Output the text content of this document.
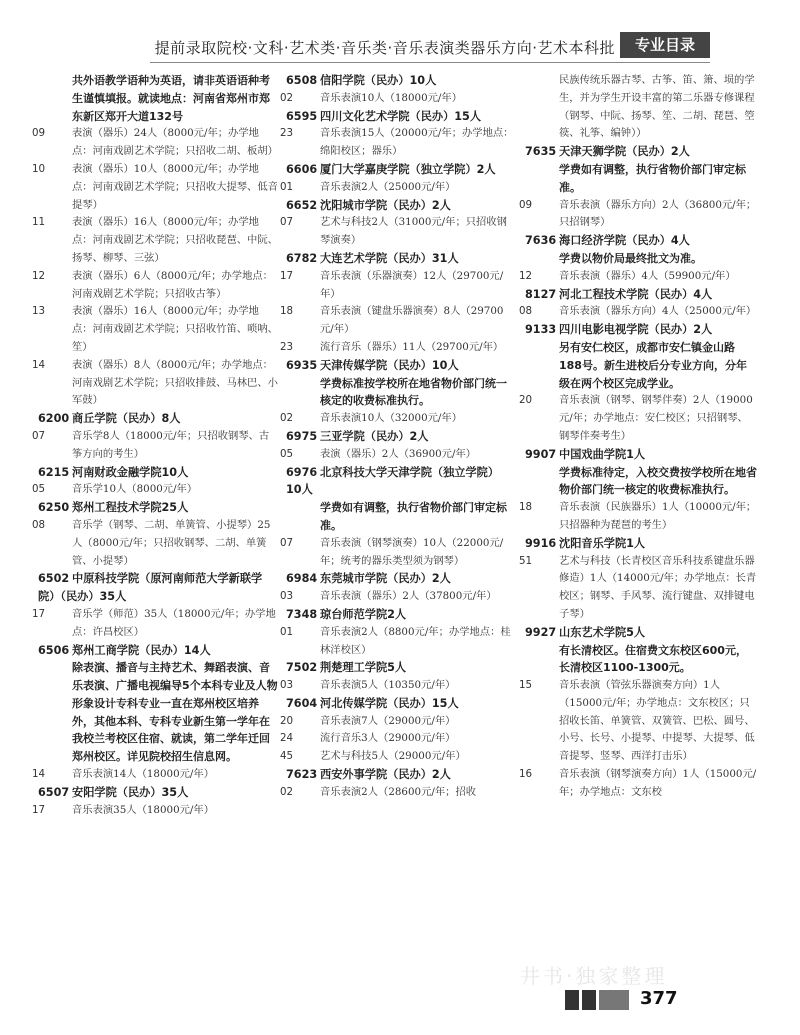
提前录取院校·文科·艺术类·音乐类·音乐表演类器乐方向·艺术本科批	专业目录
共外语教学语种为英语，请非英语语种考生谨慎填报。就读地点：河南省郑州市郑东新区郑开大道132号
09	表演（器乐）24人（8000元/年；办学地点：河南戏剧艺术学院；只招收二胡、板胡）
10	表演（器乐）10人（8000元/年；办学地点：河南戏剧艺术学院；只招收大提琴、低音提琴）
11	表演（器乐）16人（8000元/年；办学地点：河南戏剧艺术学院；只招收琵琶、中阮、扬琴、柳琴、三弦）
12	表演（器乐）6人（8000元/年；办学地点：河南戏剧艺术学院；只招收古筝）
13	表演（器乐）16人（8000元/年；办学地点：河南戏剧艺术学院；只招收竹笛、唢呐、笙）
14	表演（器乐）8人（8000元/年；办学地点：河南戏剧艺术学院；只招收排鼓、马林巴、小军鼓）
6200 商丘学院（民办）8人
07	音乐学8人（18000元/年；只招收钢琴、古筝方向的考生）
6215 河南财政金融学院10人
05	音乐学10人（8000元/年）
6250 郑州工程技术学院25人
08	音乐学（钢琴、二胡、单簧管、小提琴）25人（8000元/年；只招收钢琴、二胡、单簧管、小提琴）
6502 中原科技学院（原河南师范大学新联学院）（民办）35人
17	音乐学（师范）35人（18000元/年；办学地点：许昌校区）
6506 郑州工商学院（民办）14人
除表演、播音与主持艺术、舞蹈表演、音乐表演、广播电视编导5个本科专业及人物形象设计专科专业一直在郑州校区培养外，其他本科、专科专业新生第一学年在我校兰考校区住宿、就读，第二学年迁回郑州校区。详见院校招生信息网。
14	音乐表演14人（18000元/年）
6507 安阳学院（民办）35人
17	音乐表演35人（18000元/年）
6508 信阳学院（民办）10人
02	音乐表演10人（18000元/年）
6595 四川文化艺术学院（民办）15人
23	音乐表演15人（20000元/年；办学地点：绵阳校区；器乐）
6606 厦门大学嘉庚学院（独立学院）2人
01	音乐表演2人（25000元/年）
6652 沈阳城市学院（民办）2人
07	艺术与科技2人（31000元/年；只招收钢琴演奏）
6782 大连艺术学院（民办）31人
17	音乐表演（乐器演奏）12人（29700元/年）
18	音乐表演（键盘乐器演奏）8人（29700元/年）
23	流行音乐（器乐）11人（29700元/年）
6935 天津传媒学院（民办）10人
学费标准按学校所在地省物价部门统一核定的收费标准执行。
02	音乐表演10人（32000元/年）
6975 三亚学院（民办）2人
05	表演（器乐）2人（36900元/年）
6976 北京科技大学天津学院（独立学院）10人
学费如有调整，执行省物价部门审定标准。
07	音乐表演（钢琴演奏）10人（22000元/年；统考的器乐类型须为钢琴）
6984 东莞城市学院（民办）2人
03	音乐表演（器乐）2人（37800元/年）
7348 琼台师范学院2人
01	音乐表演2人（8800元/年；办学地点：桂林洋校区）
7502 荆楚理工学院5人
03	音乐表演5人（10350元/年）
7604 河北传媒学院（民办）15人
20	音乐表演7人（29000元/年）
24	流行音乐3人（29000元/年）
45	艺术与科技5人（29000元/年）
7623 西安外事学院（民办）2人
02	音乐表演2人（28600元/年；招收
民族传统乐器古琴、古筝、笛、箫、埙的学生，并为学生开设丰富的第二乐器专修课程（钢琴、中阮、扬琴、笙、二胡、琵琶、箜篌、礼筝、编钟））
7635 天津天狮学院（民办）2人
学费如有调整，执行省物价部门审定标准。
09	音乐表演（器乐方向）2人（36800元/年；只招钢琴）
7636 海口经济学院（民办）4人
学费以物价局最终批文为准。
12	音乐表演（器乐）4人（59900元/年）
8127 河北工程技术学院（民办）4人
08	音乐表演（器乐方向）4人（25000元/年）
9133 四川电影电视学院（民办）2人
另有安仁校区，成都市安仁镇金山路188号。新生进校后分专业方向，分年级在两个校区完成学业。
20	音乐表演（钢琴、钢琴伴奏）2人（19000元/年；办学地点：安仁校区；只招钢琴、钢琴伴奏考生）
9907 中国戏曲学院1人
学费标准待定，入校交费按学校所在地省物价部门统一核定的收费标准执行。
18	音乐表演（民族器乐）1人（10000元/年；只招器种为琵琶的考生）
9916 沈阳音乐学院1人
51	艺术与科技（长青校区音乐科技系键盘乐器修造）1人（14000元/年；办学地点：长青校区；钢琴、手风琴、流行键盘、双排键电子琴）
9927 山东艺术学院5人
有长清校区。住宿费文东校区600元，长清校区1100-1300元。
15	音乐表演（管弦乐器演奏方向）1人（15000元/年；办学地点：文东校区；只招收长笛、单簧管、双簧管、巴松、圆号、小号、长号、小提琴、中提琴、大提琴、低音提琴、竖琴、西洋打击乐）
16	音乐表演（钢琴演奏方向）1人（15000元/年；办学地点：文东校
井书·独家整理
377
